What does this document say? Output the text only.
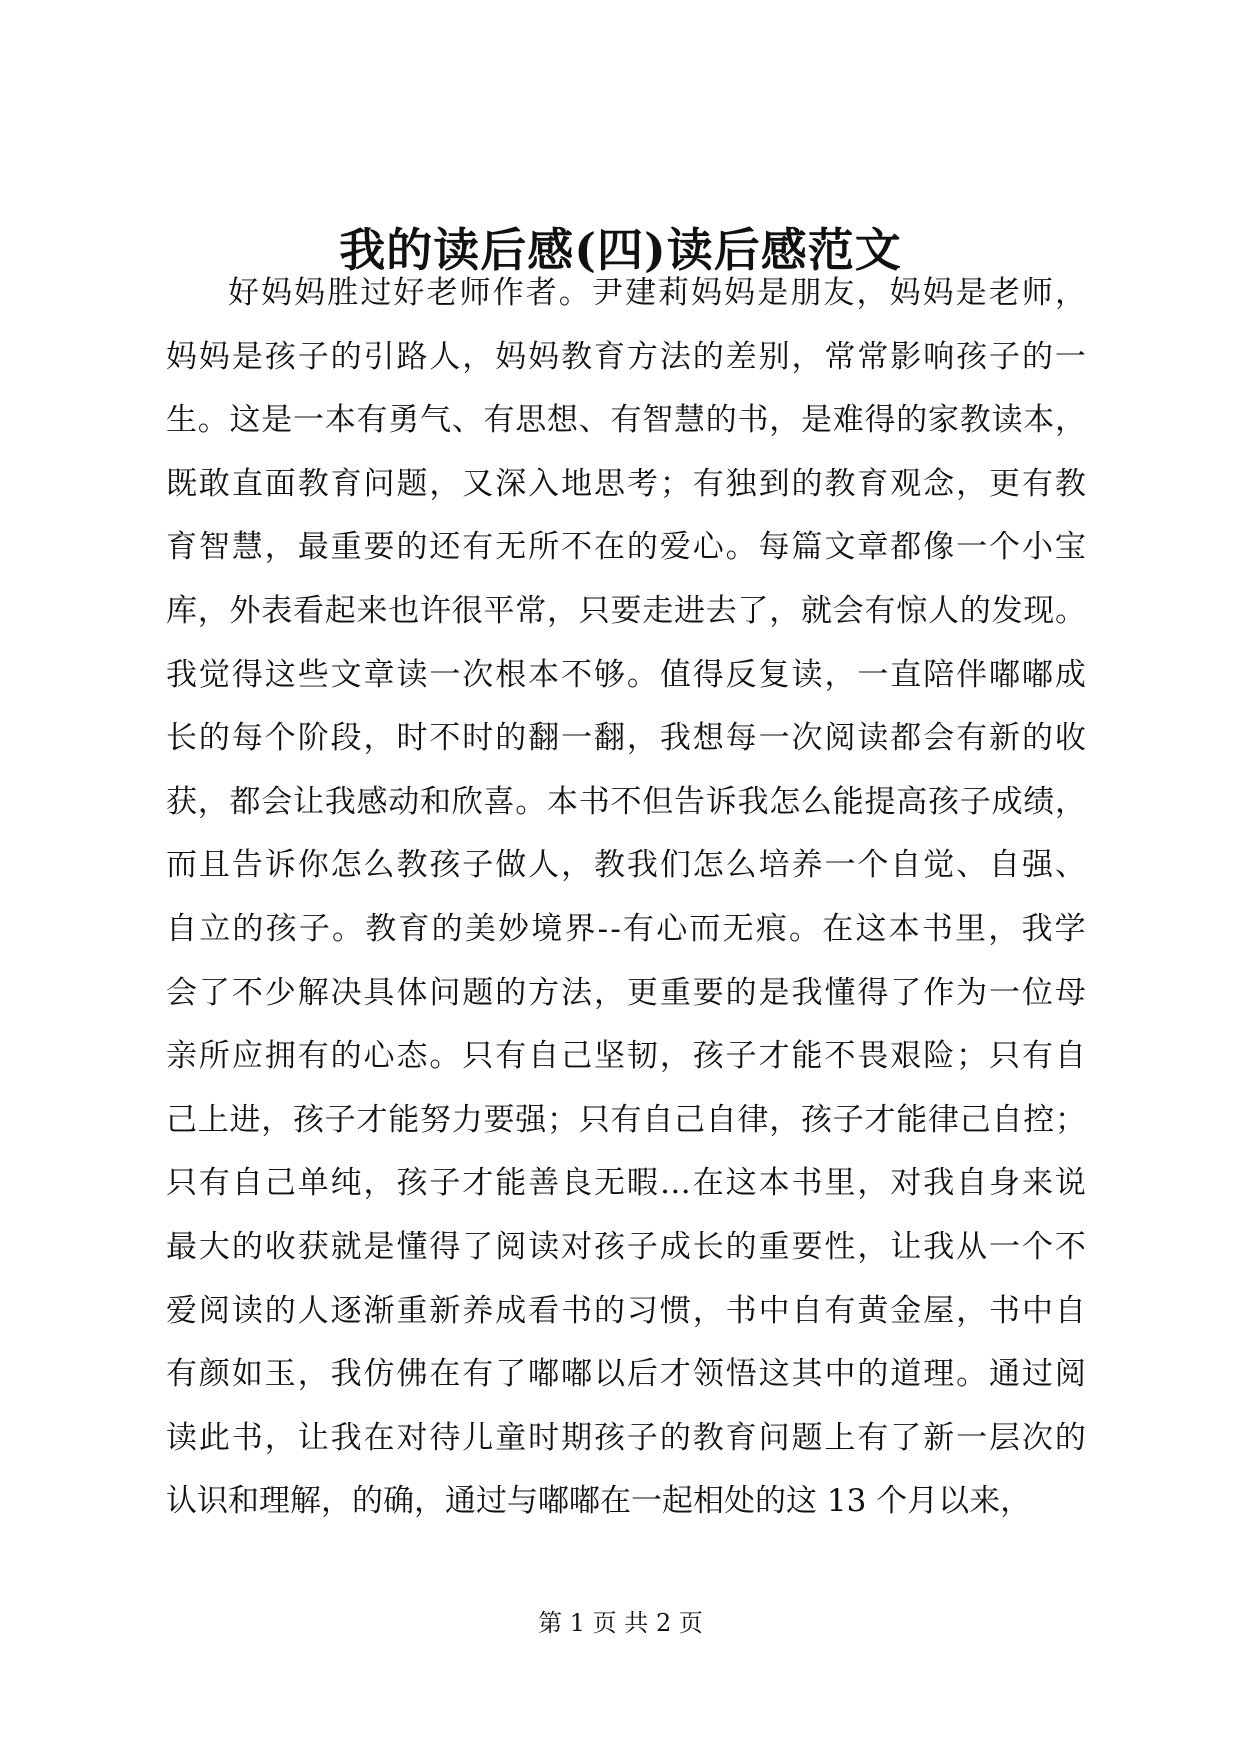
我的读后感(四)读后感范文
好 妈 妈 胜 过 好 老 师 作 者 。 尹 建 莉 妈 妈 是 朋 友 ， 妈 妈 是 老 师 ，
妈 妈 是 孩 子 的 引 路 人 ， 妈 妈 教 育 方 法 的 差 别 ， 常 常 影 响 孩 子 的 一
生 。 这 是 一 本 有 勇 气 、 有 思 想 、 有 智 慧 的 书 ， 是 难 得 的 家 教 读 本 ，
既 敢 直 面 教 育 问 题 ， 又 深 入 地 思 考 ； 有 独 到 的 教 育 观 念 ， 更 有 教
育 智 慧 ， 最 重 要 的 还 有 无 所 不 在 的 爱 心 。 每 篇 文 章 都 像 一 个 小 宝
库 ， 外 表 看 起 来 也 许 很 平 常 ， 只 要 走 进 去 了 ， 就 会 有 惊 人 的 发 现 。
我 觉 得 这 些 文 章 读 一 次 根 本 不 够 。 值 得 反 复 读 ， 一 直 陪 伴 嘟 嘟 成
长 的 每 个 阶 段 ， 时 不 时 的 翻 一 翻 ， 我 想 每 一 次 阅 读 都 会 有 新 的 收
获 ， 都 会 让 我 感 动 和 欣 喜 。 本 书 不 但 告 诉 我 怎 么 能 提 高 孩 子 成 绩 ，
而 且 告 诉 你 怎 么 教 孩 子 做 人 ， 教 我 们 怎 么 培 养 一 个 自 觉 、 自 强 、
自 立 的 孩 子 。 教 育 的 美 妙 境 界 - - 有 心 而 无 痕 。 在 这 本 书 里 ， 我 学
会 了 不 少 解 决 具 体 问 题 的 方 法 ， 更 重 要 的 是 我 懂 得 了 作 为 一 位 母
亲 所 应 拥 有 的 心 态 。 只 有 自 己 坚 韧 ， 孩 子 才 能 不 畏 艰 险 ； 只 有 自
己 上 进 ， 孩 子 才 能 努 力 要 强 ； 只 有 自 己 自 律 ， 孩 子 才 能 律 己 自 控 ；
只 有 自 己 单 纯 ， 孩 子 才 能 善 良 无 暇 … 在 这 本 书 里 ， 对 我 自 身 来 说
最 大 的 收 获 就 是 懂 得 了 阅 读 对 孩 子 成 长 的 重 要 性 ， 让 我 从 一 个 不
爱 阅 读 的 人 逐 渐 重 新 养 成 看 书 的 习 惯 ， 书 中 自 有 黄 金 屋 ， 书 中 自
有 颜 如 玉 ， 我 仿 佛 在 有 了 嘟 嘟 以 后 才 领 悟 这 其 中 的 道 理 。 通 过 阅
读 此 书 ， 让 我 在 对 待 儿 童 时 期 孩 子 的 教 育 问 题 上 有 了 新 一 层 次 的
认识和理解，的确，通过与嘟嘟在一起相处的这 13 个月以来，
第 1 页 共 2 页
